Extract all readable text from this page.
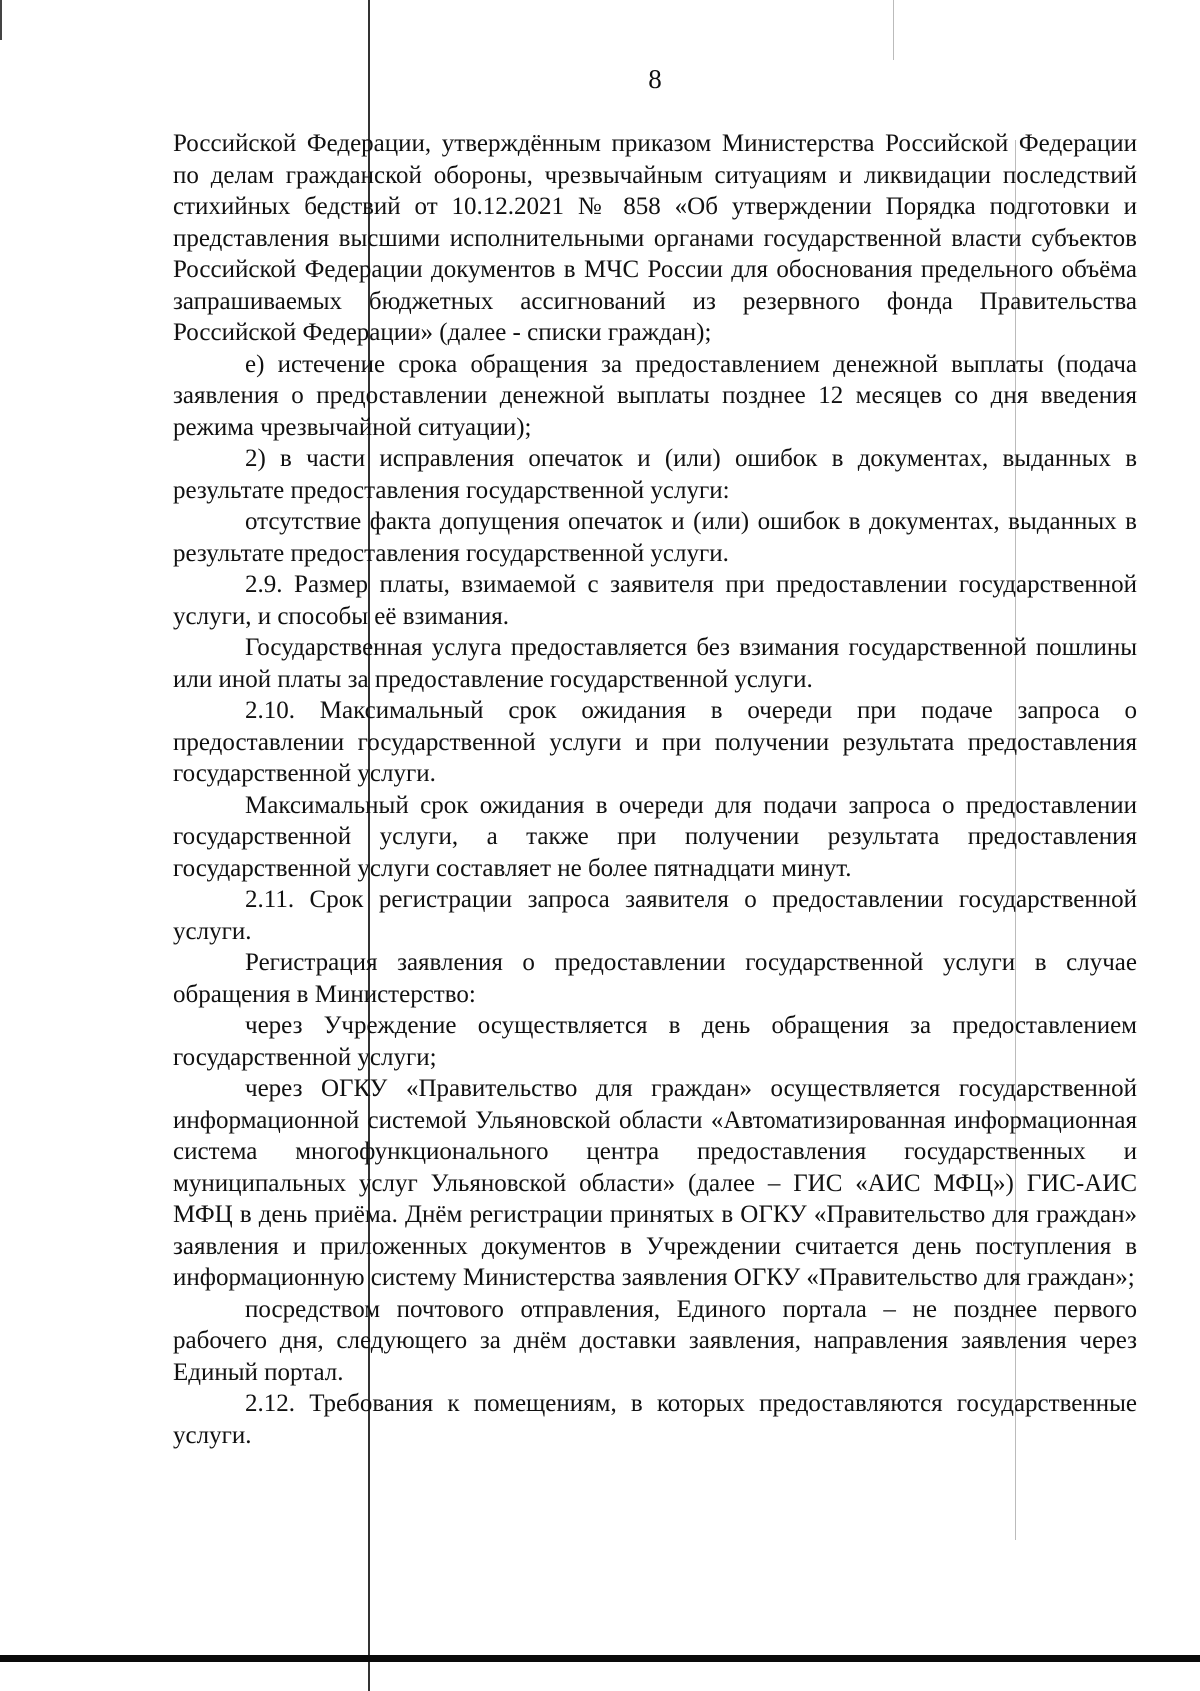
8

Российской Федерации, утверждённым приказом Министерства Российской Федерации по делам гражданской обороны, чрезвычайным ситуациям и ликвидации последствий стихийных бедствий от 10.12.2021 № 858 «Об утверждении Порядка подготовки и представления высшими исполнительными органами государственной власти субъектов Российской Федерации документов в МЧС России для обоснования предельного объёма запрашиваемых бюджетных ассигнований из резервного фонда Правительства Российской Федерации» (далее - списки граждан);

е) истечение срока обращения за предоставлением денежной выплаты (подача заявления о предоставлении денежной выплаты позднее 12 месяцев со дня введения режима чрезвычайной ситуации);

2) в части исправления опечаток и (или) ошибок в документах, выданных в результате предоставления государственной услуги:

отсутствие факта допущения опечаток и (или) ошибок в документах, выданных в результате предоставления государственной услуги.

2.9. Размер платы, взимаемой с заявителя при предоставлении государственной услуги, и способы её взимания.

Государственная услуга предоставляется без взимания государственной пошлины или иной платы за предоставление государственной услуги.

2.10. Максимальный срок ожидания в очереди при подаче запроса о предоставлении государственной услуги и при получении результата предоставления государственной услуги.

Максимальный срок ожидания в очереди для подачи запроса о предоставлении государственной услуги, а также при получении результата предоставления государственной услуги составляет не более пятнадцати минут.

2.11. Срок регистрации запроса заявителя о предоставлении государственной услуги.

Регистрация заявления о предоставлении государственной услуги в случае обращения в Министерство:

через Учреждение осуществляется в день обращения за предоставлением государственной услуги;

через ОГКУ «Правительство для граждан» осуществляется государственной информационной системой Ульяновской области «Автоматизированная информационная система многофункционального центра предоставления государственных и муниципальных услуг Ульяновской области» (далее – ГИС «АИС МФЦ») ГИС-АИС МФЦ в день приёма. Днём регистрации принятых в ОГКУ «Правительство для граждан» заявления и приложенных документов в Учреждении считается день поступления в информационную систему Министерства заявления ОГКУ «Правительство для граждан»;

посредством почтового отправления, Единого портала – не позднее первого рабочего дня, следующего за днём доставки заявления, направления заявления через Единый портал.

2.12. Требования к помещениям, в которых предоставляются государственные услуги.
